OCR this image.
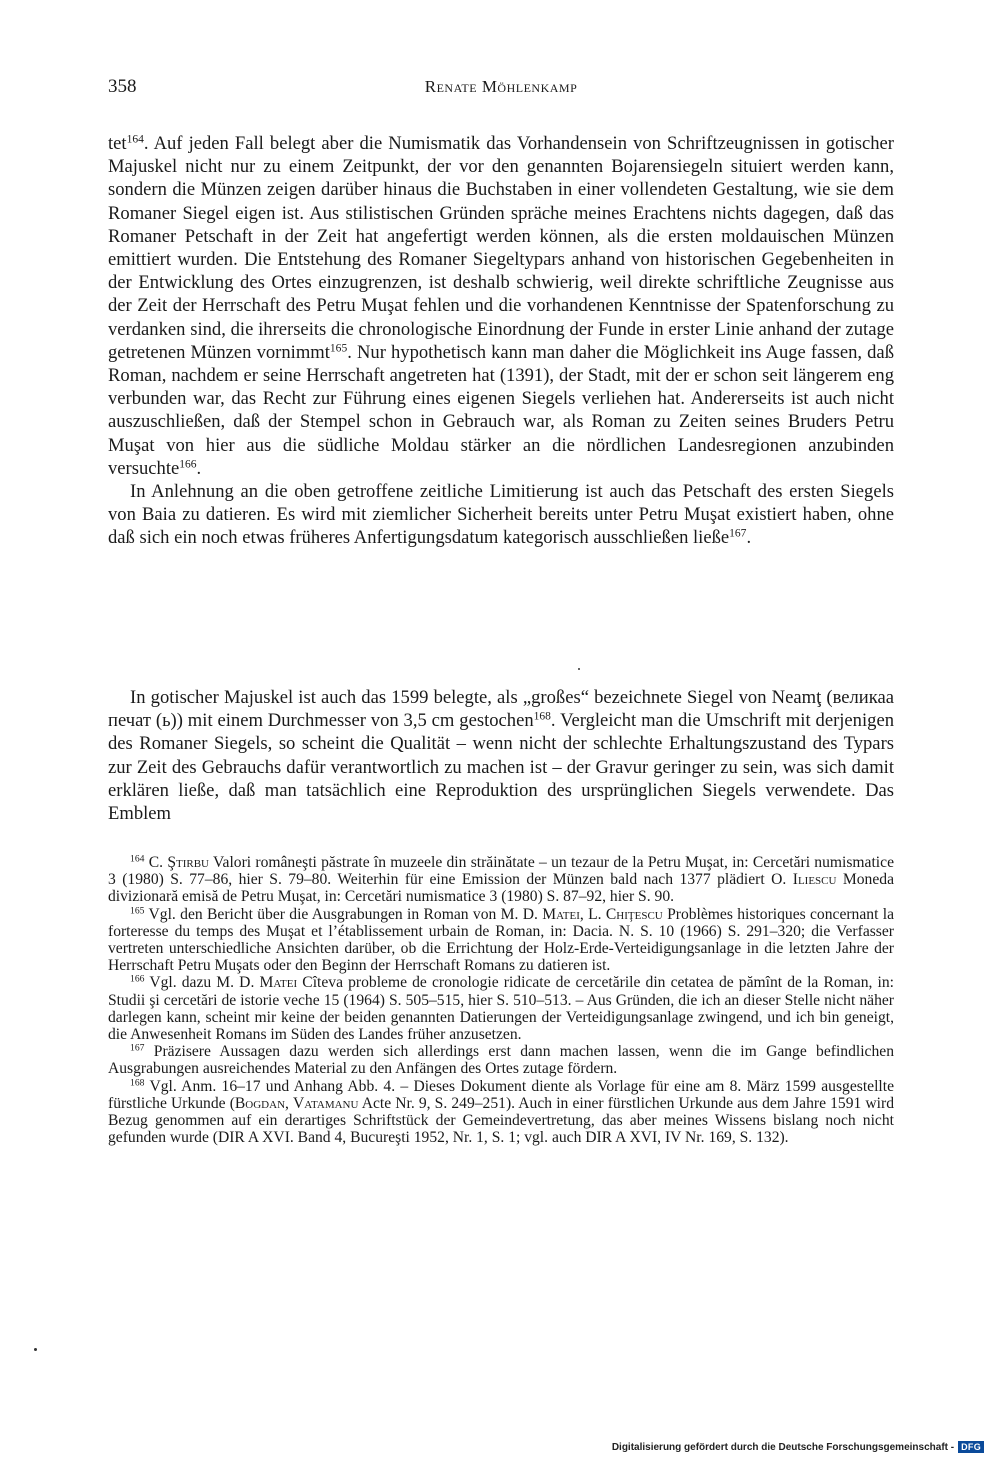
358	Renate Möhlenkamp

tet$^{164}$. Auf jeden Fall belegt aber die Numismatik das Vorhandensein von Schriftzeugnissen in gotischer Majuskel nicht nur zu einem Zeitpunkt, der vor den genannten Bojarensiegeln situiert werden kann, sondern die Münzen zeigen darüber hinaus die Buchstaben in einer vollendeten Gestaltung, wie sie dem Romaner Siegel eigen ist. Aus stilistischen Gründen spräche meines Erachtens nichts dagegen, daß das Romaner Petschaft in der Zeit hat angefertigt werden können, als die ersten moldauischen Münzen emittiert wurden. Die Entstehung des Romaner Siegeltypars anhand von historischen Gegebenheiten in der Entwicklung des Ortes einzugrenzen, ist deshalb schwierig, weil direkte schriftliche Zeugnisse aus der Zeit der Herrschaft des Petru Muşat fehlen und die vorhandenen Kenntnisse der Spatenforschung zu verdanken sind, die ihrerseits die chronologische Einordnung der Funde in erster Linie anhand der zutage getretenen Münzen vornimmt$^{165}$. Nur hypothetisch kann man daher die Möglichkeit ins Auge fassen, daß Roman, nachdem er seine Herrschaft angetreten hat (1391), der Stadt, mit der er schon seit längerem eng verbunden war, das Recht zur Führung eines eigenen Siegels verliehen hat. Andererseits ist auch nicht auszuschließen, daß der Stempel schon in Gebrauch war, als Roman zu Zeiten seines Bruders Petru Muşat von hier aus die südliche Moldau stärker an die nördlichen Landesregionen anzubinden versuchte$^{166}$.

In Anlehnung an die oben getroffene zeitliche Limitierung ist auch das Petschaft des ersten Siegels von Baia zu datieren. Es wird mit ziemlicher Sicherheit bereits unter Petru Muşat existiert haben, ohne daß sich ein noch etwas früheres Anfertigungsdatum kategorisch ausschließen ließe$^{167}$.

In gotischer Majuskel ist auch das 1599 belegte, als „großes“ bezeichnete Siegel von Neamţ (великаа печат (ь)) mit einem Durchmesser von 3,5 cm gestochen$^{168}$. Vergleicht man die Umschrift mit derjenigen des Romaner Siegels, so scheint die Qualität – wenn nicht der schlechte Erhaltungszustand des Typars zur Zeit des Gebrauchs dafür verantwortlich zu machen ist – der Gravur geringer zu sein, was sich damit erklären ließe, daß man tatsächlich eine Reproduktion des ursprünglichen Siegels verwendete. Das Emblem

$^{164}$ C. Ştirbu Valori româneşti păstrate în muzeele din străinătate – un tezaur de la Petru Muşat, in: Cercetări numismatice 3 (1980) S. 77–86, hier S. 79–80. Weiterhin für eine Emission der Münzen bald nach 1377 plädiert O. Iliescu Moneda divizionară emisă de Petru Muşat, in: Cercetări numismatice 3 (1980) S. 87–92, hier S. 90.

$^{165}$ Vgl. den Bericht über die Ausgrabungen in Roman von M. D. Matei, L. Chiţescu Problèmes historiques concernant la forteresse du temps des Muşat et l’établissement urbain de Roman, in: Dacia. N. S. 10 (1966) S. 291–320; die Verfasser vertreten unterschiedliche Ansichten darüber, ob die Errichtung der Holz-Erde-Verteidigungsanlage in die letzten Jahre der Herrschaft Petru Muşats oder den Beginn der Herrschaft Romans zu datieren ist.

$^{166}$ Vgl. dazu M. D. Matei Cîteva probleme de cronologie ridicate de cercetările din cetatea de pămînt de la Roman, in: Studii şi cercetări de istorie veche 15 (1964) S. 505–515, hier S. 510–513. – Aus Gründen, die ich an dieser Stelle nicht näher darlegen kann, scheint mir keine der beiden genannten Datierungen der Verteidigungsanlage zwingend, und ich bin geneigt, die Anwesenheit Romans im Süden des Landes früher anzusetzen.

$^{167}$ Präzisere Aussagen dazu werden sich allerdings erst dann machen lassen, wenn die im Gange befindlichen Ausgrabungen ausreichendes Material zu den Anfängen des Ortes zutage fördern.

$^{168}$ Vgl. Anm. 16–17 und Anhang Abb. 4. – Dieses Dokument diente als Vorlage für eine am 8. März 1599 ausgestellte fürstliche Urkunde (Bogdan, Vatamanu Acte Nr. 9, S. 249–251). Auch in einer fürstlichen Urkunde aus dem Jahre 1591 wird Bezug genommen auf ein derartiges Schriftstück der Gemeindevertretung, das aber meines Wissens bislang noch nicht gefunden wurde (DIR A XVI. Band 4, Bucureşti 1952, Nr. 1, S. 1; vgl. auch DIR A XVI, IV Nr. 169, S. 132).

Digitalisierung gefördert durch die Deutsche Forschungsgemeinschaft - DFG
